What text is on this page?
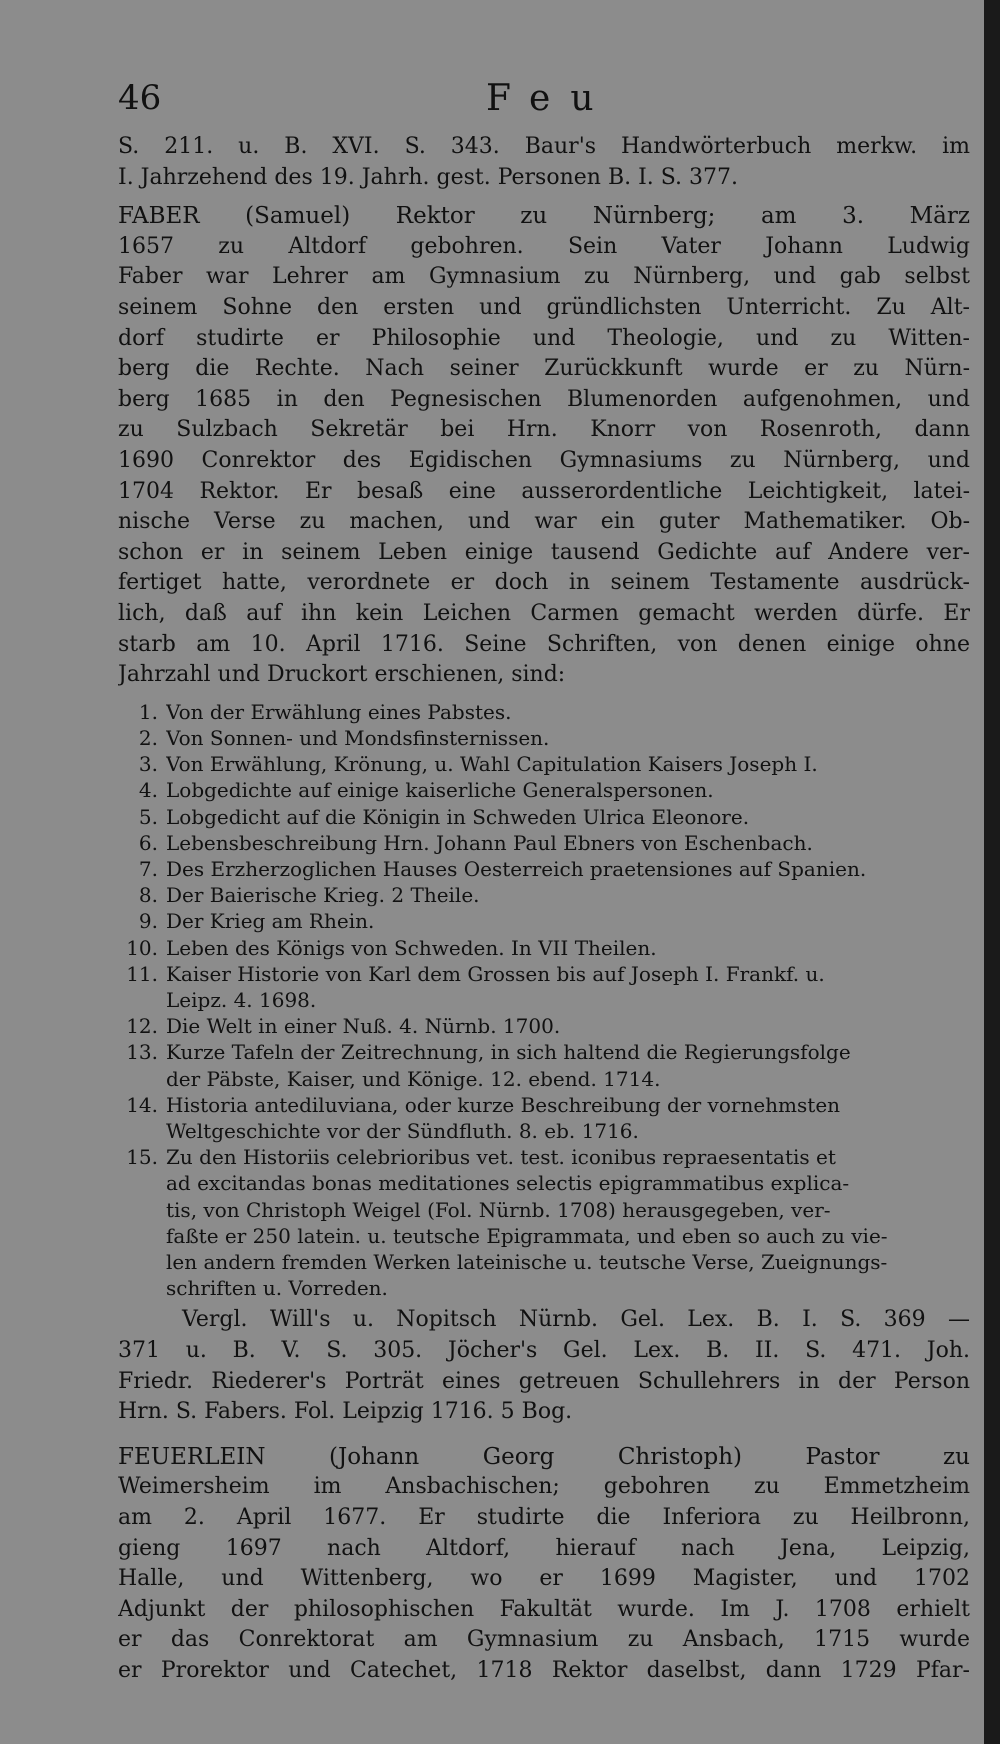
46	Feu
S. 211. u. B. XVI. S. 343. Baur's Handwörterbuch merkw. im
I. Jahrzehend des 19. Jahrh. gest. Personen B. I. S. 377.
FABER (Samuel) Rektor zu Nürnberg; am 3. März
1657 zu Altdorf gebohren. Sein Vater Johann Ludwig
Faber war Lehrer am Gymnasium zu Nürnberg, und gab selbst
seinem Sohne den ersten und gründlichsten Unterricht. Zu Alt-
dorf studirte er Philosophie und Theologie, und zu Witten-
berg die Rechte. Nach seiner Zurückkunft wurde er zu Nürn-
berg 1685 in den Pegnesischen Blumenorden aufgenohmen, und
zu Sulzbach Sekretär bei Hrn. Knorr von Rosenroth, dann
1690 Conrektor des Egidischen Gymnasiums zu Nürnberg, und
1704 Rektor. Er besaß eine ausserordentliche Leichtigkeit, latei-
nische Verse zu machen, und war ein guter Mathematiker. Ob-
schon er in seinem Leben einige tausend Gedichte auf Andere ver-
fertiget hatte, verordnete er doch in seinem Testamente ausdrück-
lich, daß auf ihn kein Leichen Carmen gemacht werden dürfe. Er
starb am 10. April 1716. Seine Schriften, von denen einige ohne
Jahrzahl und Druckort erschienen, sind:
1. Von der Erwählung eines Pabstes.
2. Von Sonnen- und Mondsfinsternissen.
3. Von Erwählung, Krönung, u. Wahl Capitulation Kaisers Joseph I.
4. Lobgedichte auf einige kaiserliche Generalspersonen.
5. Lobgedicht auf die Königin in Schweden Ulrica Eleonore.
6. Lebensbeschreibung Hrn. Johann Paul Ebners von Eschenbach.
7. Des Erzherzoglichen Hauses Oesterreich praetensiones auf Spanien.
8. Der Baierische Krieg. 2 Theile.
9. Der Krieg am Rhein.
10. Leben des Königs von Schweden. In VII Theilen.
11. Kaiser Historie von Karl dem Grossen bis auf Joseph I. Frankf. u.
Leipz. 4. 1698.
12. Die Welt in einer Nuß. 4. Nürnb. 1700.
13. Kurze Tafeln der Zeitrechnung, in sich haltend die Regierungsfolge
der Päbste, Kaiser, und Könige. 12. ebend. 1714.
14. Historia antediluviana, oder kurze Beschreibung der vornehmsten
Weltgeschichte vor der Sündfluth. 8. eb. 1716.
15. Zu den Historiis celebrioribus vet. test. iconibus repraesentatis et
ad excitandas bonas meditationes selectis epigrammatibus explica-
tis, von Christoph Weigel (Fol. Nürnb. 1708) herausgegeben, ver-
faßte er 250 latein. u. teutsche Epigrammata, und eben so auch zu vie-
len andern fremden Werken lateinische u. teutsche Verse, Zueignungs-
schriften u. Vorreden.
Vergl. Will's u. Nopitsch Nürnb. Gel. Lex. B. I. S. 369 —
371 u. B. V. S. 305. Jöcher's Gel. Lex. B. II. S. 471. Joh.
Friedr. Riederer's Porträt eines getreuen Schullehrers in der Person
Hrn. S. Fabers. Fol. Leipzig 1716. 5 Bog.
FEUERLEIN (Johann Georg Christoph) Pastor zu
Weimersheim im Ansbachischen; gebohren zu Emmetzheim
am 2. April 1677. Er studirte die Inferiora zu Heilbronn,
gieng 1697 nach Altdorf, hierauf nach Jena, Leipzig,
Halle, und Wittenberg, wo er 1699 Magister, und 1702
Adjunkt der philosophischen Fakultät wurde. Im J. 1708 erhielt
er das Conrektorat am Gymnasium zu Ansbach, 1715 wurde
er Prorektor und Catechet, 1718 Rektor daselbst, dann 1729 Pfar-
